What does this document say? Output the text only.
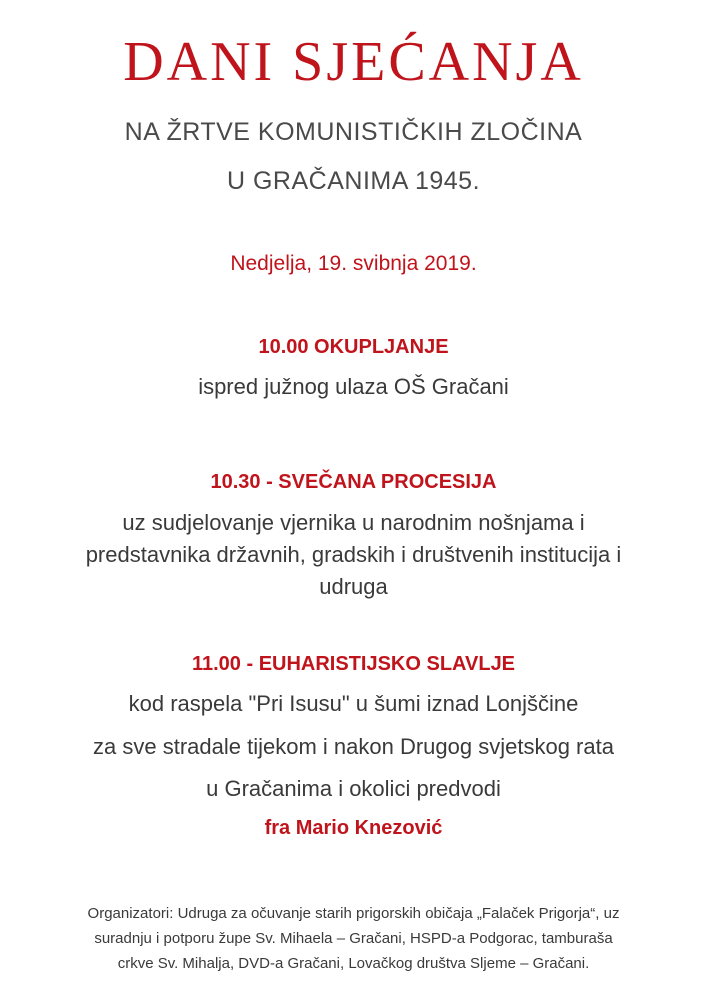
DANI SJEĆANJA
NA ŽRTVE KOMUNISTIČKIH ZLOČINA
U GRAČANIMA 1945.
Nedjelja, 19. svibnja 2019.
10.00 OKUPLJANJE
ispred južnog ulaza OŠ Gračani
10.30 - SVEČANA PROCESIJA
uz sudjelovanje vjernika u narodnim nošnjama i
predstavnika državnih, gradskih i društvenih institucija i
udruga
11.00 - EUHARISTIJSKO SLAVLJE
kod raspela "Pri Isusu" u šumi iznad Lonjščine
za sve stradale tijekom i nakon Drugog svjetskog rata
u Gračanima i okolici predvodi
fra Mario Knezović
Organizatori: Udruga za očuvanje starih prigorskih običaja „Falaček Prigorja“, uz
suradnju i potporu župe Sv. Mihaela – Gračani, HSPD-a Podgorac, tamburaša
crkve Sv. Mihalja, DVD-a Gračani, Lovačkog društva Sljeme – Gračani.
